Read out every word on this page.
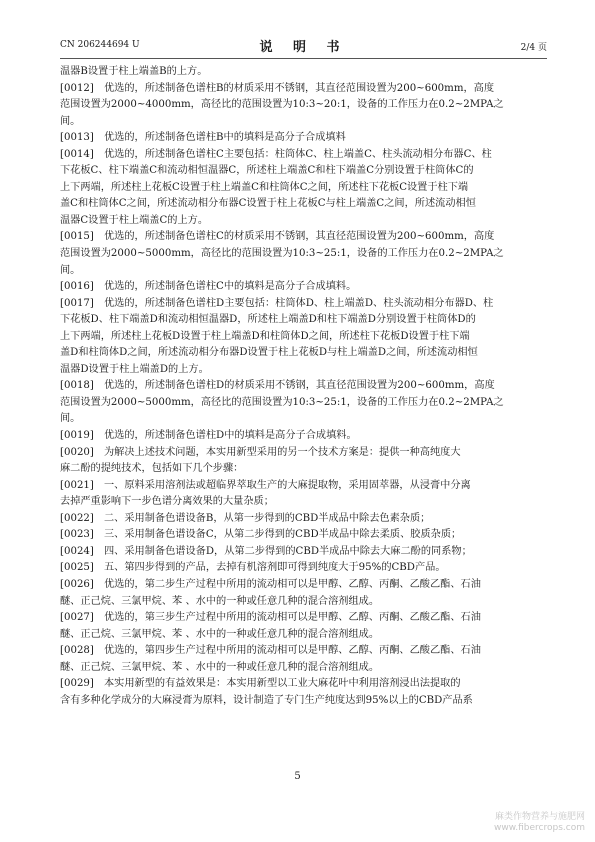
CN 206244694 U	说 明 书	2/4 页

温器B设置于柱上端盖B的上方。

[0012] 优选的，所述制备色谱柱B的材质采用不锈钢，其直径范围设置为200~600mm，高度

范围设置为2000~4000mm，高径比的范围设置为10:3~20:1，设备的工作压力在0.2~2MPA之

间。

[0013] 优选的，所述制备色谱柱B中的填料是高分子合成填料

[0014] 优选的，所述制备色谱柱C主要包括：柱筒体C、柱上端盖C、柱头流动相分布器C、柱

下花板C、柱下端盖C和流动相恒温器C，所述柱上端盖C和柱下端盖C分别设置于柱筒体C的

上下两端，所述柱上花板C设置于柱上端盖C和柱筒体C之间，所述柱下花板C设置于柱下端

盖C和柱筒体C之间，所述流动相分布器C设置于柱上花板C与柱上端盖C之间，所述流动相恒

温器C设置于柱上端盖C的上方。

[0015] 优选的，所述制备色谱柱C的材质采用不锈钢，其直径范围设置为200~600mm，高度

范围设置为2000~5000mm，高径比的范围设置为10:3~25:1，设备的工作压力在0.2~2MPA之

间。

[0016] 优选的，所述制备色谱柱C中的填料是高分子合成填料。

[0017] 优选的，所述制备色谱柱D主要包括：柱筒体D、柱上端盖D、柱头流动相分布器D、柱

下花板D、柱下端盖D和流动相恒温器D，所述柱上端盖D和柱下端盖D分别设置于柱筒体D的

上下两端，所述柱上花板D设置于柱上端盖D和柱筒体D之间，所述柱下花板D设置于柱下端

盖D和柱筒体D之间，所述流动相分布器D设置于柱上花板D与柱上端盖D之间，所述流动相恒

温器D设置于柱上端盖D的上方。

[0018] 优选的，所述制备色谱柱D的材质采用不锈钢，其直径范围设置为200~600mm，高度

范围设置为2000~5000mm，高径比的范围设置为10:3~25:1，设备的工作压力在0.2~2MPA之

间。

[0019] 优选的，所述制备色谱柱D中的填料是高分子合成填料。

[0020] 为解决上述技术问题，本实用新型采用的另一个技术方案是：提供一种高纯度大

麻二酚的提纯技术，包括如下几个步骤：

[0021] 一、原料采用溶剂法或超临界萃取生产的大麻提取物，采用固萃器，从浸膏中分离

去掉严重影响下一步色谱分离效果的大量杂质；

[0022] 二、采用制备色谱设备B，从第一步得到的CBD半成品中除去色素杂质；

[0023] 三、采用制备色谱设备C，从第二步得到的CBD半成品中除去柔质、胶质杂质；

[0024] 四、采用制备色谱设备D，从第二步得到的CBD半成品中除去大麻二酚的同系物；

[0025] 五、第四步得到的产品，去掉有机溶剂即可得到纯度大于95%的CBD产品。

[0026] 优选的，第二步生产过程中所用的流动相可以是甲醇、乙醇、丙酮、乙酸乙酯、石油

醚、正己烷、三氯甲烷、苯 、水中的一种或任意几种的混合溶剂组成。

[0027] 优选的，第三步生产过程中所用的流动相可以是甲醇、乙醇、丙酮、乙酸乙酯、石油

醚、正己烷、三氯甲烷、苯 、水中的一种或任意几种的混合溶剂组成。

[0028] 优选的，第四步生产过程中所用的流动相可以是甲醇、乙醇、丙酮、乙酸乙酯、石油

醚、正己烷、三氯甲烷、苯 、水中的一种或任意几种的混合溶剂组成。

[0029] 本实用新型的有益效果是：本实用新型以工业大麻花叶中利用溶剂浸出法提取的

含有多种化学成分的大麻浸膏为原料，设计制造了专门生产纯度达到95%以上的CBD产品系

5
麻类作物营养与施肥网
www.fibercrops.com
